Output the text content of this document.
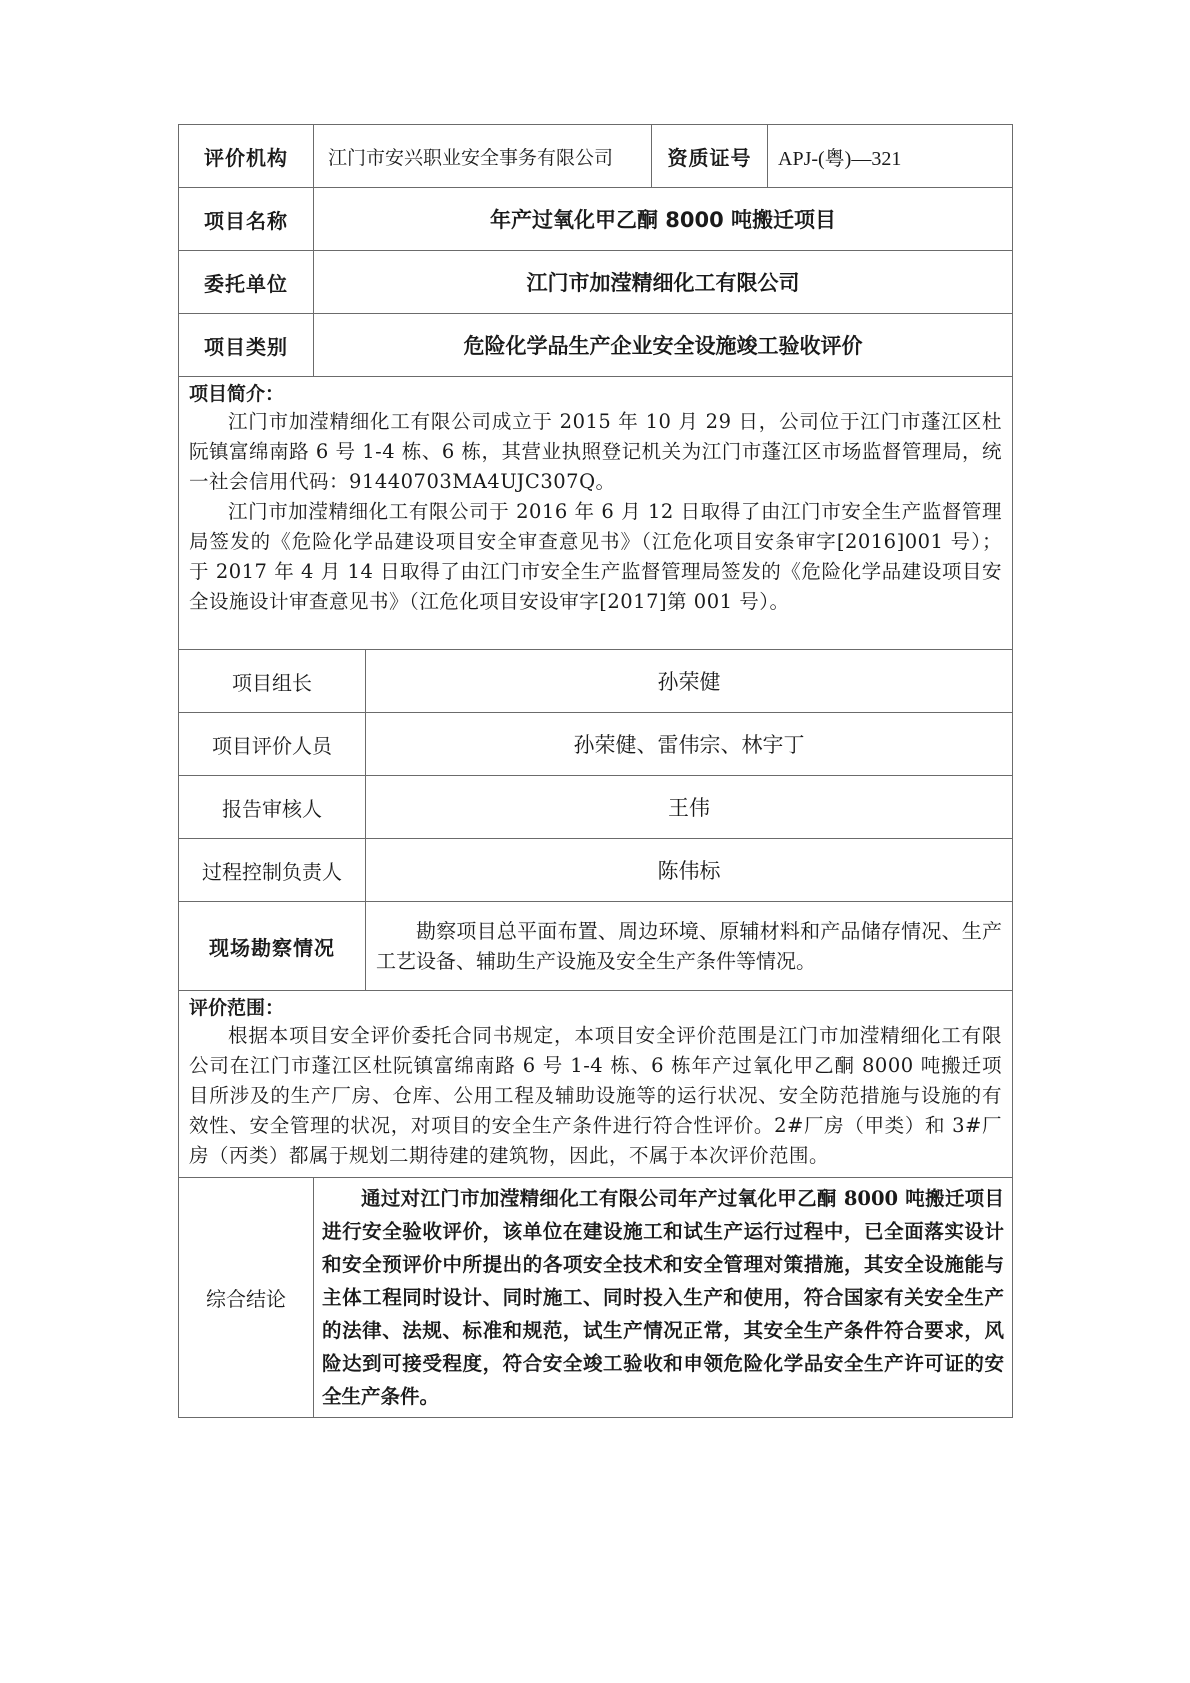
评价机构	江门市安兴职业安全事务有限公司		资质证号	APJ-(粤)—321
项目名称	年产过氧化甲乙酮 8000 吨搬迁项目			
委托单位	江门市加滢精细化工有限公司			
项目类别	危险化学品生产企业安全设施竣工验收评价			

项目简介：
江门市加滢精细化工有限公司成立于 2015 年 10 月 29 日，公司位于江门市蓬江区杜阮镇富绵南路 6 号 1-4 栋、6 栋，其营业执照登记机关为江门市蓬江区市场监督管理局，统一社会信用代码：91440703MA4UJC307Q。
江门市加滢精细化工有限公司于 2016 年 6 月 12 日取得了由江门市安全生产监督管理局签发的《危险化学品建设项目安全审查意见书》（江危化项目安条审字[2016]001 号）；于 2017 年 4 月 14 日取得了由江门市安全生产监督管理局签发的《危险化学品建设项目安全设施设计审查意见书》（江危化项目安设审字[2017]第 001 号）。				

项目组长		孙荣健		
项目评价人员		孙荣健、雷伟宗、林宇丁		
报告审核人		王伟		
过程控制负责人		陈伟标		
现场勘察情况		勘察项目总平面布置、周边环境、原辅材料和产品储存情况、生产工艺设备、辅助生产设施及安全生产条件等情况。		

评价范围：
根据本项目安全评价委托合同书规定，本项目安全评价范围是江门市加滢精细化工有限公司在江门市蓬江区杜阮镇富绵南路 6 号 1-4 栋、6 栋年产过氧化甲乙酮 8000 吨搬迁项目所涉及的生产厂房、仓库、公用工程及辅助设施等的运行状况、安全防范措施与设施的有效性、安全管理的状况，对项目的安全生产条件进行符合性评价。2#厂房（甲类）和 3#厂房（丙类）都属于规划二期待建的建筑物，因此，不属于本次评价范围。				

综合结论	通过对江门市加滢精细化工有限公司年产过氧化甲乙酮 8000 吨搬迁项目进行安全验收评价，该单位在建设施工和试生产运行过程中，已全面落实设计和安全预评价中所提出的各项安全技术和安全管理对策措施，其安全设施能与主体工程同时设计、同时施工、同时投入生产和使用，符合国家有关安全生产的法律、法规、标准和规范，试生产情况正常，其安全生产条件符合要求，风险达到可接受程度，符合安全竣工验收和申领危险化学品安全生产许可证的安全生产条件。			
